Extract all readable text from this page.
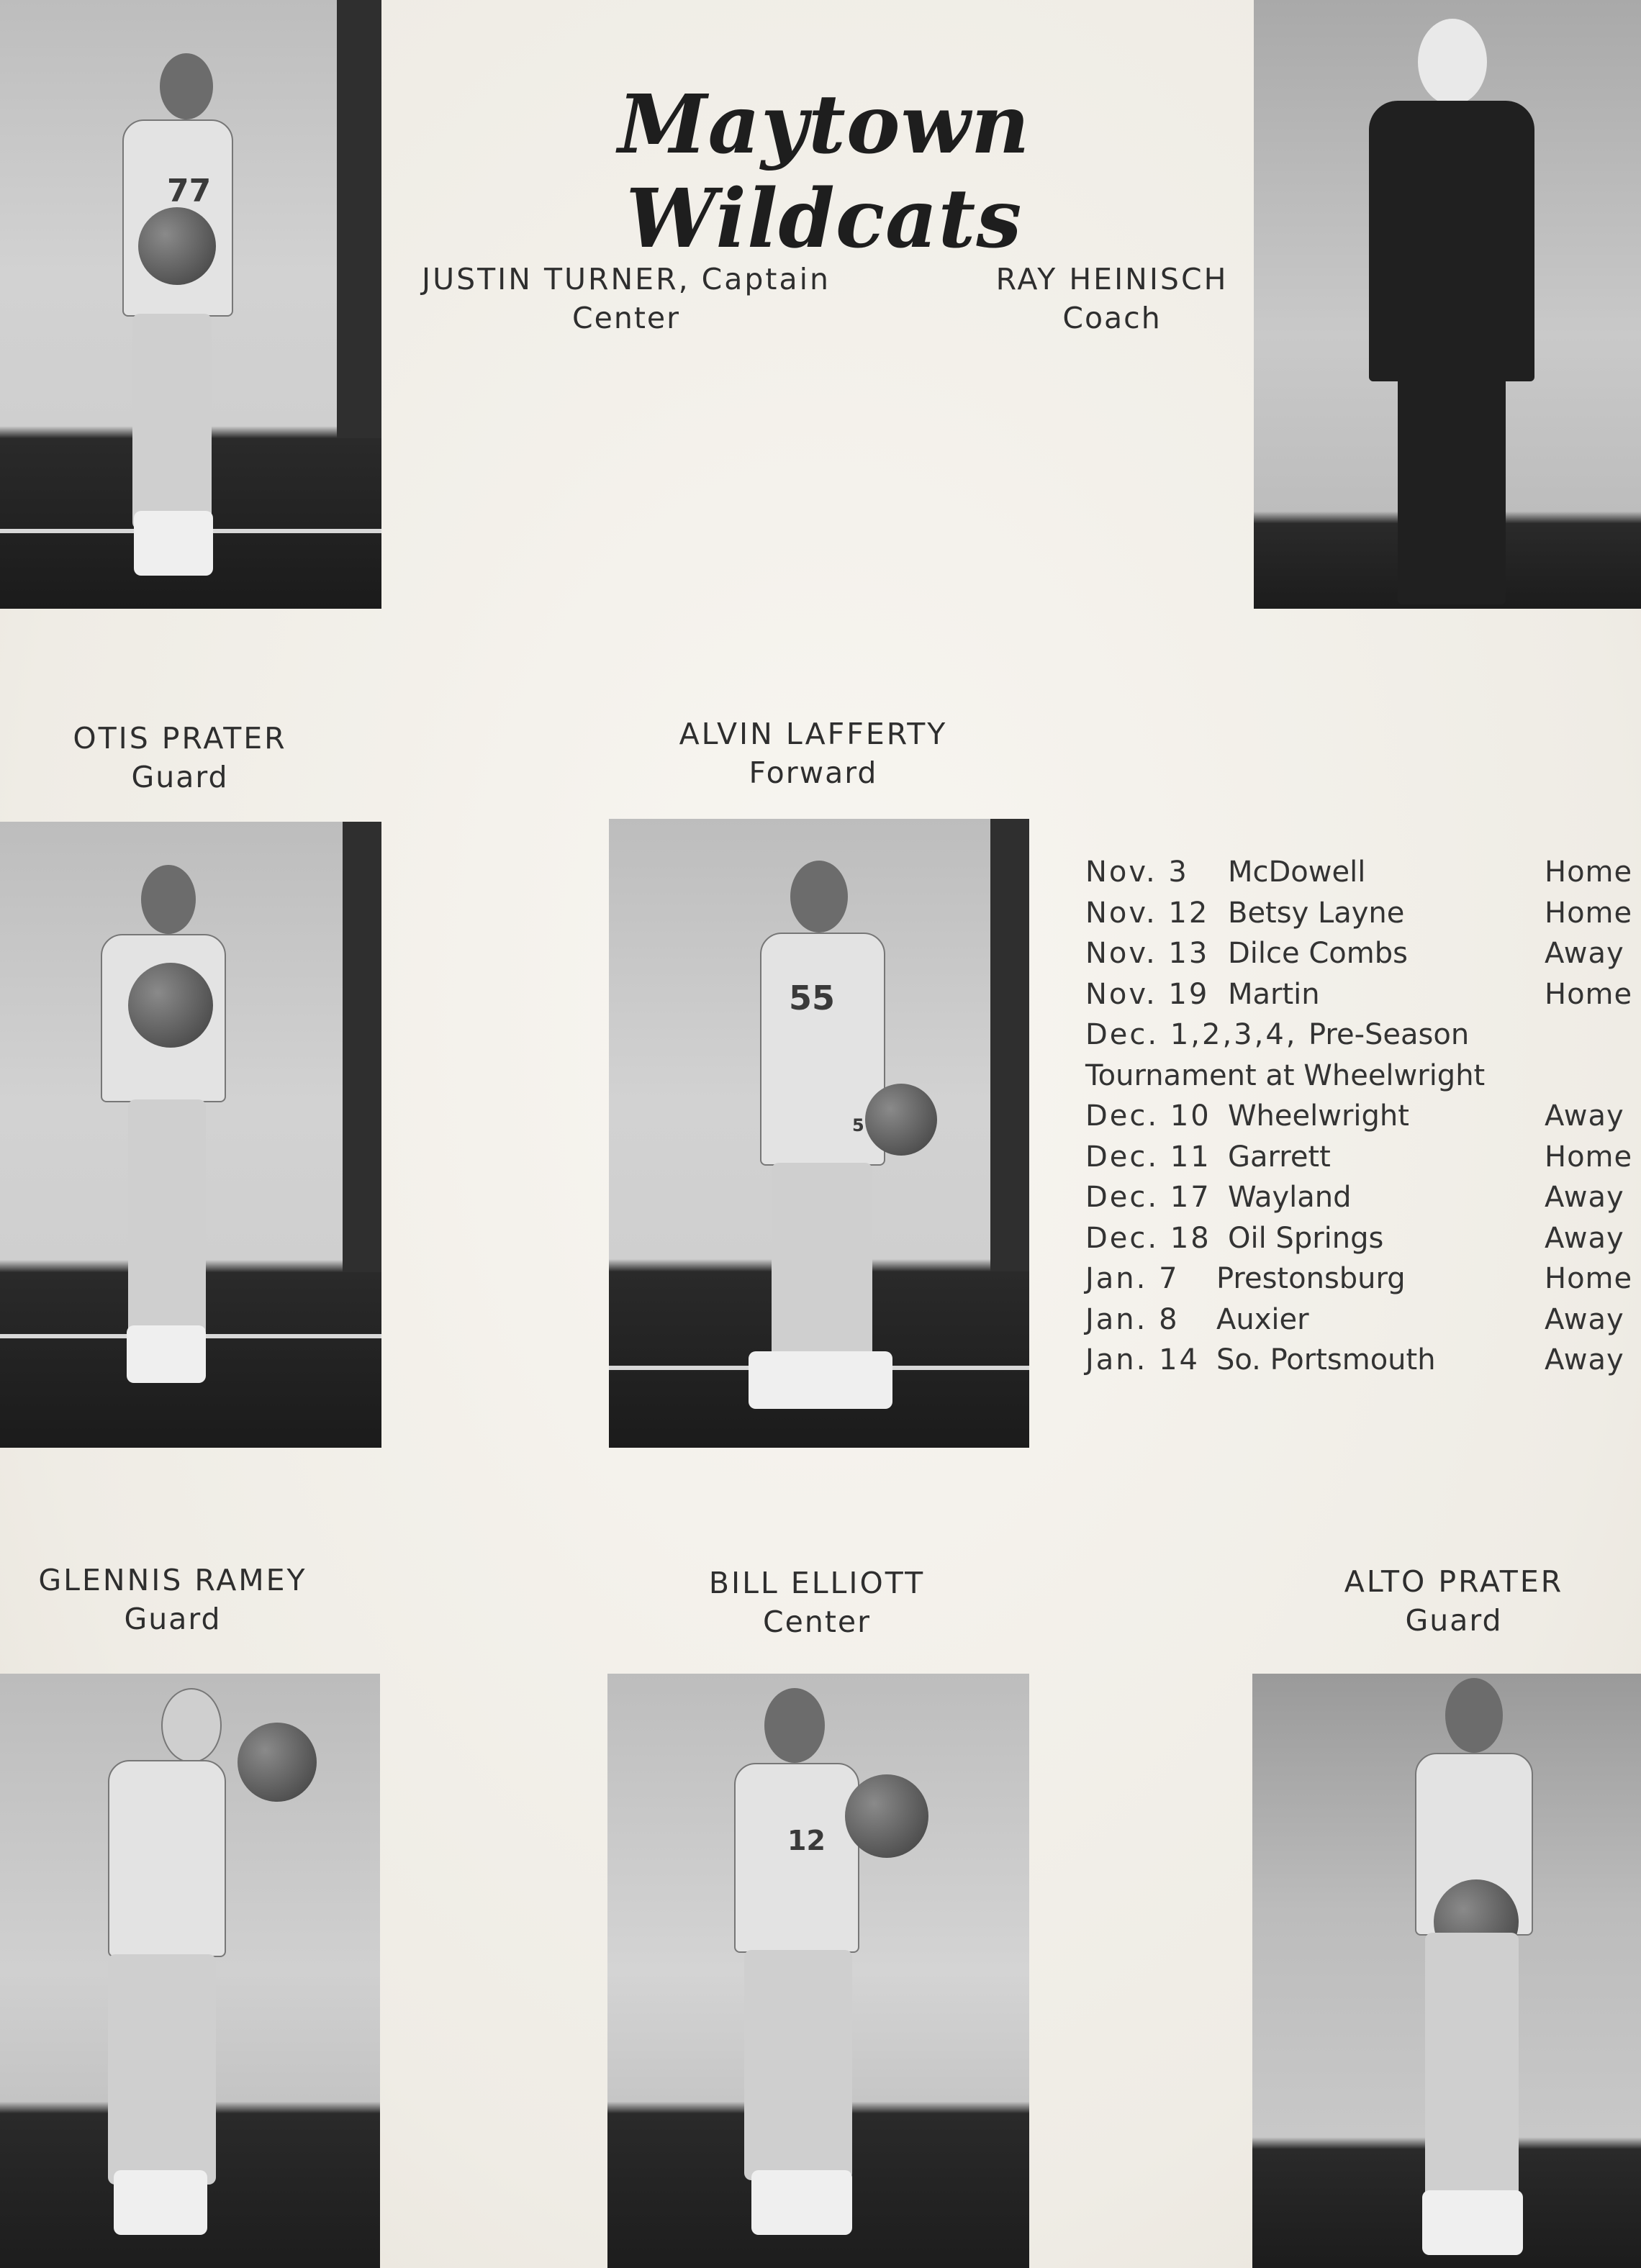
Maytown Wildcats
77
JUSTIN TURNER, Captain
Center
RAY HEINISCH
Coach
OTIS PRATER
Guard
ALVIN LAFFERTY
Forward
55
5
Nov. 3 McDowell	Home
Nov. 12 Betsy Layne	Home
Nov. 13 Dilce Combs	Away
Nov. 19 Martin	Home
Dec. 1,2,3,4, Pre-Season
Tournament at Wheelwright
Dec. 10 Wheelwright	Away
Dec. 11 Garrett	Home
Dec. 17 Wayland	Away
Dec. 18 Oil Springs	Away
Jan. 7 Prestonsburg	Home
Jan. 8 Auxier	Away
Jan. 14 So. Portsmouth	Away
GLENNIS RAMEY
Guard
BILL ELLIOTT
Center
ALTO PRATER
Guard
12
